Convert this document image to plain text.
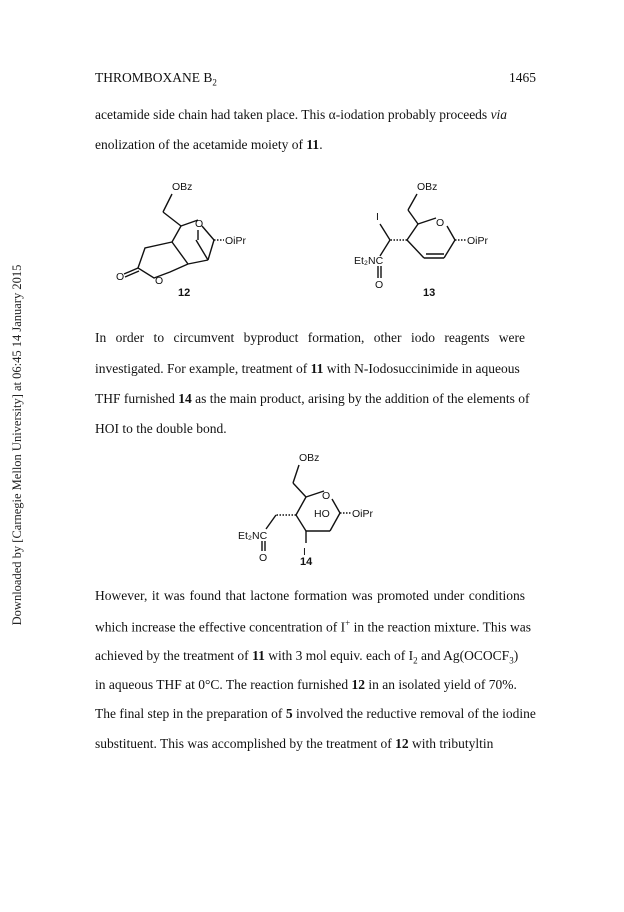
Downloaded by [Carnegie Mellon University] at 06:45 14 January 2015
THROMBOXANE $B_2$	1465
acetamide side chain had taken place. This α-iodation probably proceeds via
enolization of the acetamide moiety of 11.
OBz
O
O	O
OiPr
12
OBz
O
OiPr
I
Et₂NC
O
13
In order to circumvent byproduct formation, other iodo reagents were
investigated. For example, treatment of 11 with N-Iodosuccinimide in aqueous
THF furnished 14 as the main product, arising by the addition of the elements of
HOI to the double bond.
OBz
O
HO OiPr
Et₂NC
O	I
14
However, it was found that lactone formation was promoted under conditions
which increase the effective concentration of I+ in the reaction mixture. This was
achieved by the treatment of 11 with 3 mol equiv. each of $I_2$ and $Ag(OCOCF_3)$
in aqueous THF at 0°C. The reaction furnished 12 in an isolated yield of 70%.
The final step in the preparation of 5 involved the reductive removal of the iodine
substituent. This was accomplished by the treatment of 12 with tributyltin
